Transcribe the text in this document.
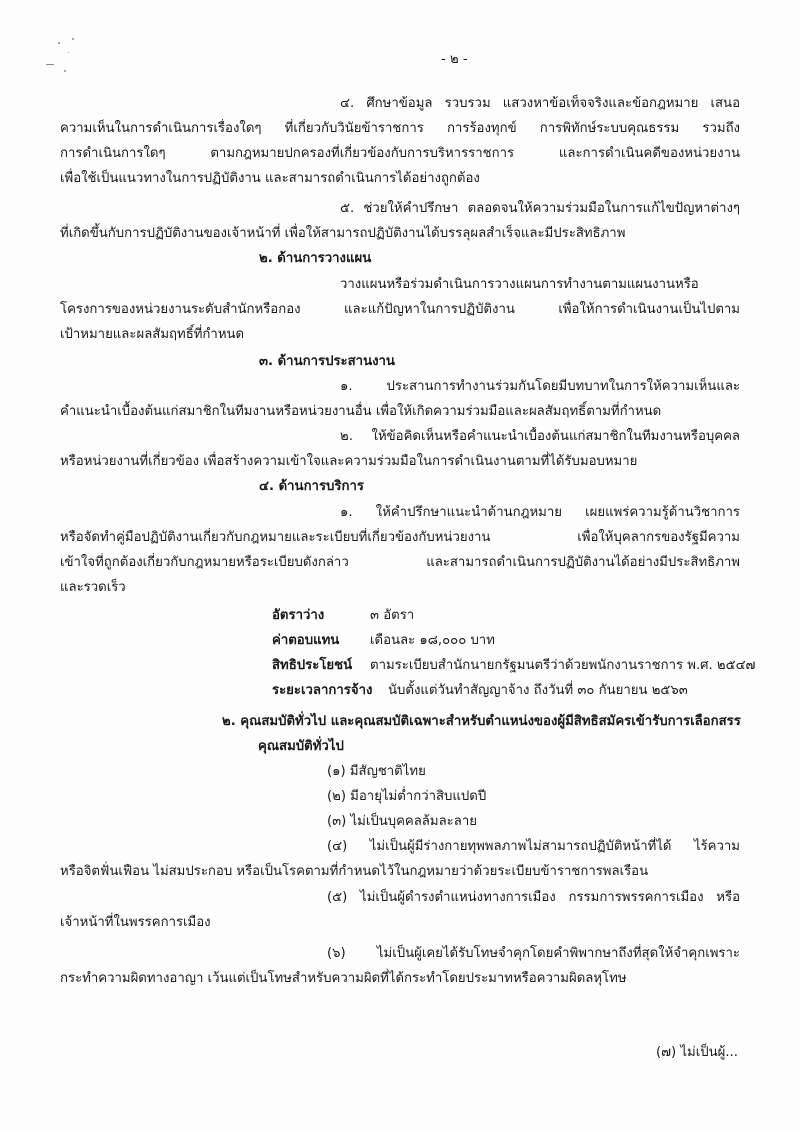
- ๒ -
๔. ศึกษาข้อมูล รวบรวม แสวงหาข้อเท็จจริงและข้อกฎหมาย เสนอ
ความเห็นในการดำเนินการเรื่องใดๆ ที่เกี่ยวกับวินัยข้าราชการ การร้องทุกข์ การพิทักษ์ระบบคุณธรรม รวมถึง
การดำเนินการใดๆ ตามกฎหมายปกครองที่เกี่ยวข้องกับการบริหารราชการ และการดำเนินคดีของหน่วยงาน
เพื่อใช้เป็นแนวทางในการปฏิบัติงาน และสามารถดำเนินการได้อย่างถูกต้อง
๕. ช่วยให้คำปรึกษา ตลอดจนให้ความร่วมมือในการแก้ไขปัญหาต่างๆ
ที่เกิดขึ้นกับการปฏิบัติงานของเจ้าหน้าที่ เพื่อให้สามารถปฏิบัติงานได้บรรลุผลสำเร็จและมีประสิทธิภาพ
๒. ด้านการวางแผน
วางแผนหรือร่วมดำเนินการวางแผนการทำงานตามแผนงานหรือ
โครงการของหน่วยงานระดับสำนักหรือกอง และแก้ปัญหาในการปฏิบัติงาน เพื่อให้การดำเนินงานเป็นไปตาม
เป้าหมายและผลสัมฤทธิ์ที่กำหนด
๓. ด้านการประสานงาน
๑. ประสานการทำงานร่วมกันโดยมีบทบาทในการให้ความเห็นและ
คำแนะนำเบื้องต้นแก่สมาชิกในทีมงานหรือหน่วยงานอื่น เพื่อให้เกิดความร่วมมือและผลสัมฤทธิ์ตามที่กำหนด
๒. ให้ข้อคิดเห็นหรือคำแนะนำเบื้องต้นแก่สมาชิกในทีมงานหรือบุคคล
หรือหน่วยงานที่เกี่ยวข้อง เพื่อสร้างความเข้าใจและความร่วมมือในการดำเนินงานตามที่ได้รับมอบหมาย
๔. ด้านการบริการ
๑. ให้คำปรึกษาแนะนำด้านกฎหมาย เผยแพร่ความรู้ด้านวิชาการ
หรือจัดทำคู่มือปฏิบัติงานเกี่ยวกับกฎหมายและระเบียบที่เกี่ยวข้องกับหน่วยงาน เพื่อให้บุคลากรของรัฐมีความ
เข้าใจที่ถูกต้องเกี่ยวกับกฎหมายหรือระเบียบดังกล่าว และสามารถดำเนินการปฏิบัติงานได้อย่างมีประสิทธิภาพ
และรวดเร็ว
อัตราว่าง	๓ อัตรา
ค่าตอบแทน เดือนละ ๑๘,๐๐๐ บาท
สิทธิประโยชน์ ตามระเบียบสำนักนายกรัฐมนตรีว่าด้วยพนักงานราชการ พ.ศ. ๒๕๔๗
ระยะเวลาการจ้าง นับตั้งแต่วันทำสัญญาจ้าง ถึงวันที่ ๓๐ กันยายน ๒๕๖๓
๒. คุณสมบัติทั่วไป และคุณสมบัติเฉพาะสำหรับตำแหน่งของผู้มีสิทธิสมัครเข้ารับการเลือกสรร
คุณสมบัติทั่วไป
(๑) มีสัญชาติไทย
(๒) มีอายุไม่ต่ำกว่าสิบแปดปี
(๓) ไม่เป็นบุคคลล้มละลาย
(๔) ไม่เป็นผู้มีร่างกายทุพพลภาพไม่สามารถปฏิบัติหน้าที่ได้ ไร้ความ
หรือจิตฟั่นเฟือน ไม่สมประกอบ หรือเป็นโรคตามที่กำหนดไว้ในกฎหมายว่าด้วยระเบียบข้าราชการพลเรือน
(๕) ไม่เป็นผู้ดำรงตำแหน่งทางการเมือง กรรมการพรรคการเมือง หรือ
เจ้าหน้าที่ในพรรคการเมือง
(๖) ไม่เป็นผู้เคยได้รับโทษจำคุกโดยคำพิพากษาถึงที่สุดให้จำคุกเพราะ
กระทำความผิดทางอาญา เว้นแต่เป็นโทษสำหรับความผิดที่ได้กระทำโดยประมาทหรือความผิดลหุโทษ
(๗) ไม่เป็นผู้...
